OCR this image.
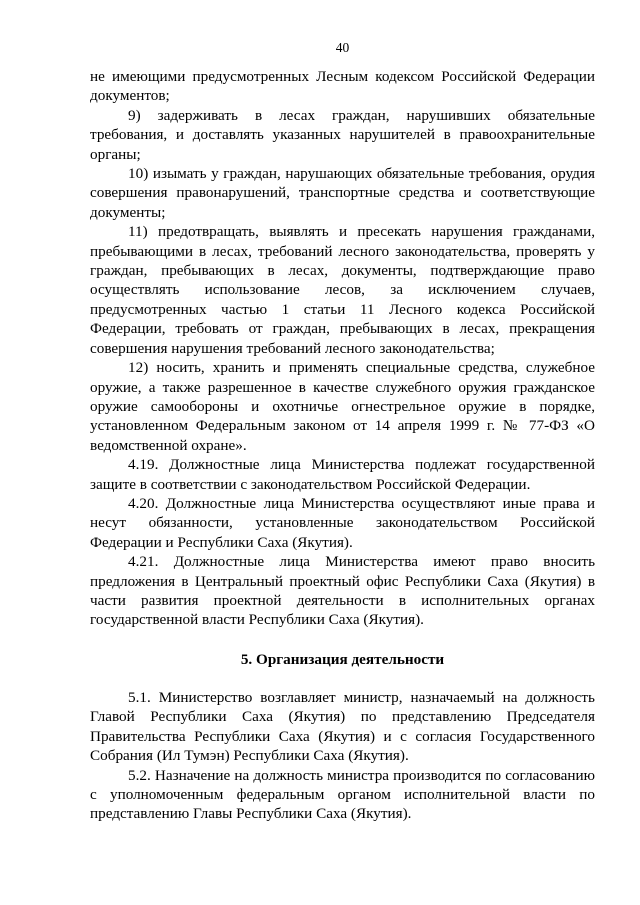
40

не имеющими предусмотренных Лесным кодексом Российской Федерации документов;

9) задерживать в лесах граждан, нарушивших обязательные требования, и доставлять указанных нарушителей в правоохранительные органы;

10) изымать у граждан, нарушающих обязательные требования, орудия совершения правонарушений, транспортные средства и соответствующие документы;

11) предотвращать, выявлять и пресекать нарушения гражданами, пребывающими в лесах, требований лесного законодательства, проверять у граждан, пребывающих в лесах, документы, подтверждающие право осуществлять использование лесов, за исключением случаев, предусмотренных частью 1 статьи 11 Лесного кодекса Российской Федерации, требовать от граждан, пребывающих в лесах, прекращения совершения нарушения требований лесного законодательства;

12) носить, хранить и применять специальные средства, служебное оружие, а также разрешенное в качестве служебного оружия гражданское оружие самообороны и охотничье огнестрельное оружие в порядке, установленном Федеральным законом от 14 апреля 1999 г. № 77-ФЗ «О ведомственной охране».

4.19. Должностные лица Министерства подлежат государственной защите в соответствии с законодательством Российской Федерации.

4.20. Должностные лица Министерства осуществляют иные права и несут обязанности, установленные законодательством Российской Федерации и Республики Саха (Якутия).

4.21. Должностные лица Министерства имеют право вносить предложения в Центральный проектный офис Республики Саха (Якутия) в части развития проектной деятельности в исполнительных органах государственной власти Республики Саха (Якутия).

5. Организация деятельности

5.1. Министерство возглавляет министр, назначаемый на должность Главой Республики Саха (Якутия) по представлению Председателя Правительства Республики Саха (Якутия) и с согласия Государственного Собрания (Ил Тумэн) Республики Саха (Якутия).

5.2. Назначение на должность министра производится по согласованию с уполномоченным федеральным органом исполнительной власти по представлению Главы Республики Саха (Якутия).
